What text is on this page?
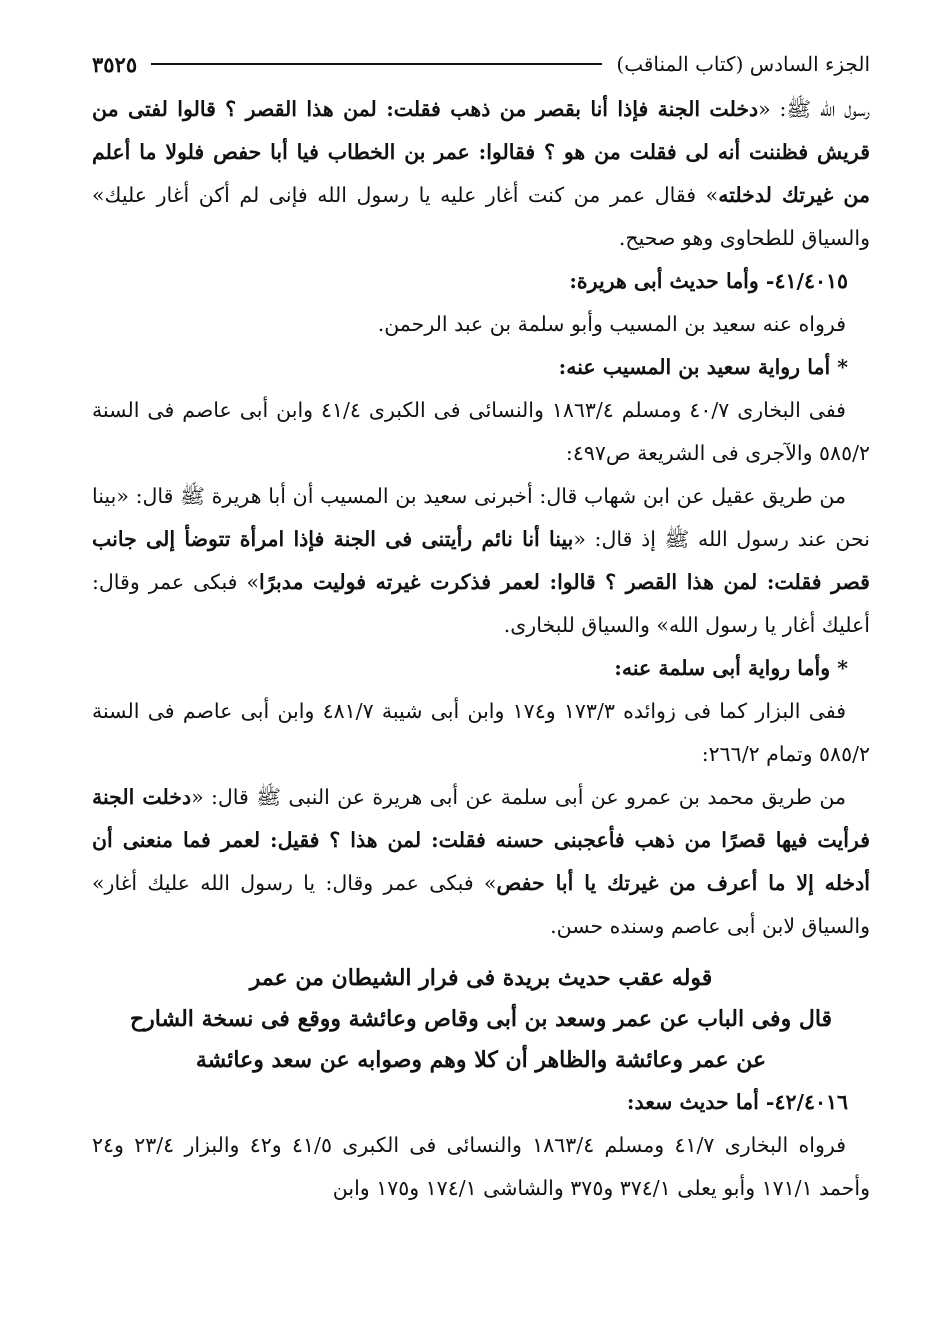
الجزء السادس (كتاب المناقب)
٣٥٢٥

رسول الله ﷺ: «دخلت الجنة فإذا أنا بقصر من ذهب فقلت: لمن هذا القصر ؟ قالوا لفتى من قريش فظننت أنه لى فقلت من هو ؟ فقالوا: عمر بن الخطاب فيا أبا حفص فلولا ما أعلم من غيرتك لدخلته» فقال عمر من كنت أغار عليه يا رسول الله فإنى لم أكن أغار عليك» والسياق للطحاوى وهو صحيح.

٤١/٤٠١٥- وأما حديث أبى هريرة:

فرواه عنه سعيد بن المسيب وأبو سلمة بن عبد الرحمن.

* أما رواية سعيد بن المسيب عنه:

ففى البخارى ٤٠/٧ ومسلم ١٨٦٣/٤ والنسائى فى الكبرى ٤١/٤ وابن أبى عاصم فى السنة ٥٨٥/٢ والآجرى فى الشريعة ص٤٩٧:

من طريق عقيل عن ابن شهاب قال: أخبرنى سعيد بن المسيب أن أبا هريرة ﷺ قال: «بينا نحن عند رسول الله ﷺ إذ قال: «بينا أنا نائم رأيتنى فى الجنة فإذا امرأة تتوضأ إلى جانب قصر فقلت: لمن هذا القصر ؟ قالوا: لعمر فذكرت غيرته فوليت مدبرًا» فبكى عمر وقال: أعليك أغار يا رسول الله» والسياق للبخارى.

* وأما رواية أبى سلمة عنه:

ففى البزار كما فى زوائده ١٧٣/٣ و١٧٤ وابن أبى شيبة ٤٨١/٧ وابن أبى عاصم فى السنة ٥٨٥/٢ وتمام ٢٦٦/٢:

من طريق محمد بن عمرو عن أبى سلمة عن أبى هريرة عن النبى ﷺ قال: «دخلت الجنة فرأيت فيها قصرًا من ذهب فأعجبنى حسنه فقلت: لمن هذا ؟ فقيل: لعمر فما منعنى أن أدخله إلا ما أعرف من غيرتك يا أبا حفص» فبكى عمر وقال: يا رسول الله عليك أغار» والسياق لابن أبى عاصم وسنده حسن.

قوله عقب حديث بريدة فى فرار الشيطان من عمر

قال وفى الباب عن عمر وسعد بن أبى وقاص وعائشة ووقع فى نسخة الشارح

عن عمر وعائشة والظاهر أن كلا وهم وصوابه عن سعد وعائشة

٤٢/٤٠١٦- أما حديث سعد:

فرواه البخارى ٤١/٧ ومسلم ١٨٦٣/٤ والنسائى فى الكبرى ٤١/٥ و٤٢ والبزار ٢٣/٤ و٢٤ وأحمد ١٧١/١ وأبو يعلى ٣٧٤/١ و٣٧٥ والشاشى ١٧٤/١ و١٧٥ وابن
